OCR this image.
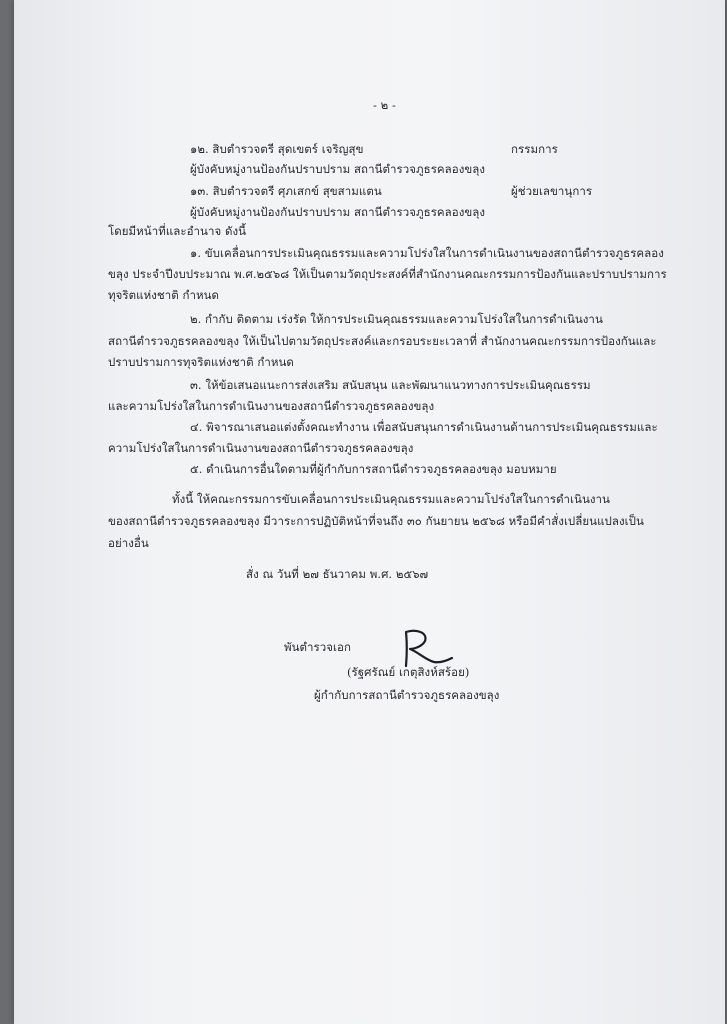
- ๒ -
๑๒. สิบตำรวจตรี สุดเขตร์ เจริญสุข	กรรมการ
ผู้บังคับหมู่งานป้องกันปราบปราม สถานีตำรวจภูธรคลองขลุง
๑๓. สิบตำรวจตรี ศุภเสกข์ สุขสามแตน	ผู้ช่วยเลขานุการ
ผู้บังคับหมู่งานป้องกันปราบปราม สถานีตำรวจภูธรคลองขลุง
โดยมีหน้าที่และอำนาจ ดังนี้
๑. ขับเคลื่อนการประเมินคุณธรรมและความโปร่งใสในการดำเนินงานของสถานีตำรวจภูธรคลอง
ขลุง ประจำปีงบประมาณ พ.ศ.๒๕๖๘ ให้เป็นตามวัตถุประสงค์ที่สำนักงานคณะกรรมการป้องกันและปราบปรามการ
ทุจริตแห่งชาติ กำหนด
๒. กำกับ ติดตาม เร่งรัด ให้การประเมินคุณธรรมและความโปร่งใสในการดำเนินงาน
สถานีตำรวจภูธรคลองขลุง ให้เป็นไปตามวัตถุประสงค์และกรอบระยะเวลาที่ สำนักงานคณะกรรมการป้องกันและ
ปราบปรามการทุจริตแห่งชาติ กำหนด
๓. ให้ข้อเสนอแนะการส่งเสริม สนับสนุน และพัฒนาแนวทางการประเมินคุณธรรม
และความโปร่งใสในการดำเนินงานของสถานีตำรวจภูธรคลองขลุง
๔. พิจารณาเสนอแต่งตั้งคณะทำงาน เพื่อสนับสนุนการดำเนินงานด้านการประเมินคุณธรรมและ
ความโปร่งใสในการดำเนินงานของสถานีตำรวจภูธรคลองขลุง
๕. ดำเนินการอื่นใดตามที่ผู้กำกับการสถานีตำรวจภูธรคลองขลุง มอบหมาย
ทั้งนี้ ให้คณะกรรมการขับเคลื่อนการประเมินคุณธรรมและความโปร่งใสในการดำเนินงาน
ของสถานีตำรวจภูธรคลองขลุง มีวาระการปฏิบัติหน้าที่จนถึง ๓๐ กันยายน ๒๕๖๘ หรือมีคำสั่งเปลี่ยนแปลงเป็น
อย่างอื่น
สั่ง ณ วันที่ ๒๗ ธันวาคม พ.ศ. ๒๕๖๗
พันตำรวจเอก
(รัฐศรัณย์ เกตุสิงห์สร้อย)
ผู้กำกับการสถานีตำรวจภูธรคลองขลุง
